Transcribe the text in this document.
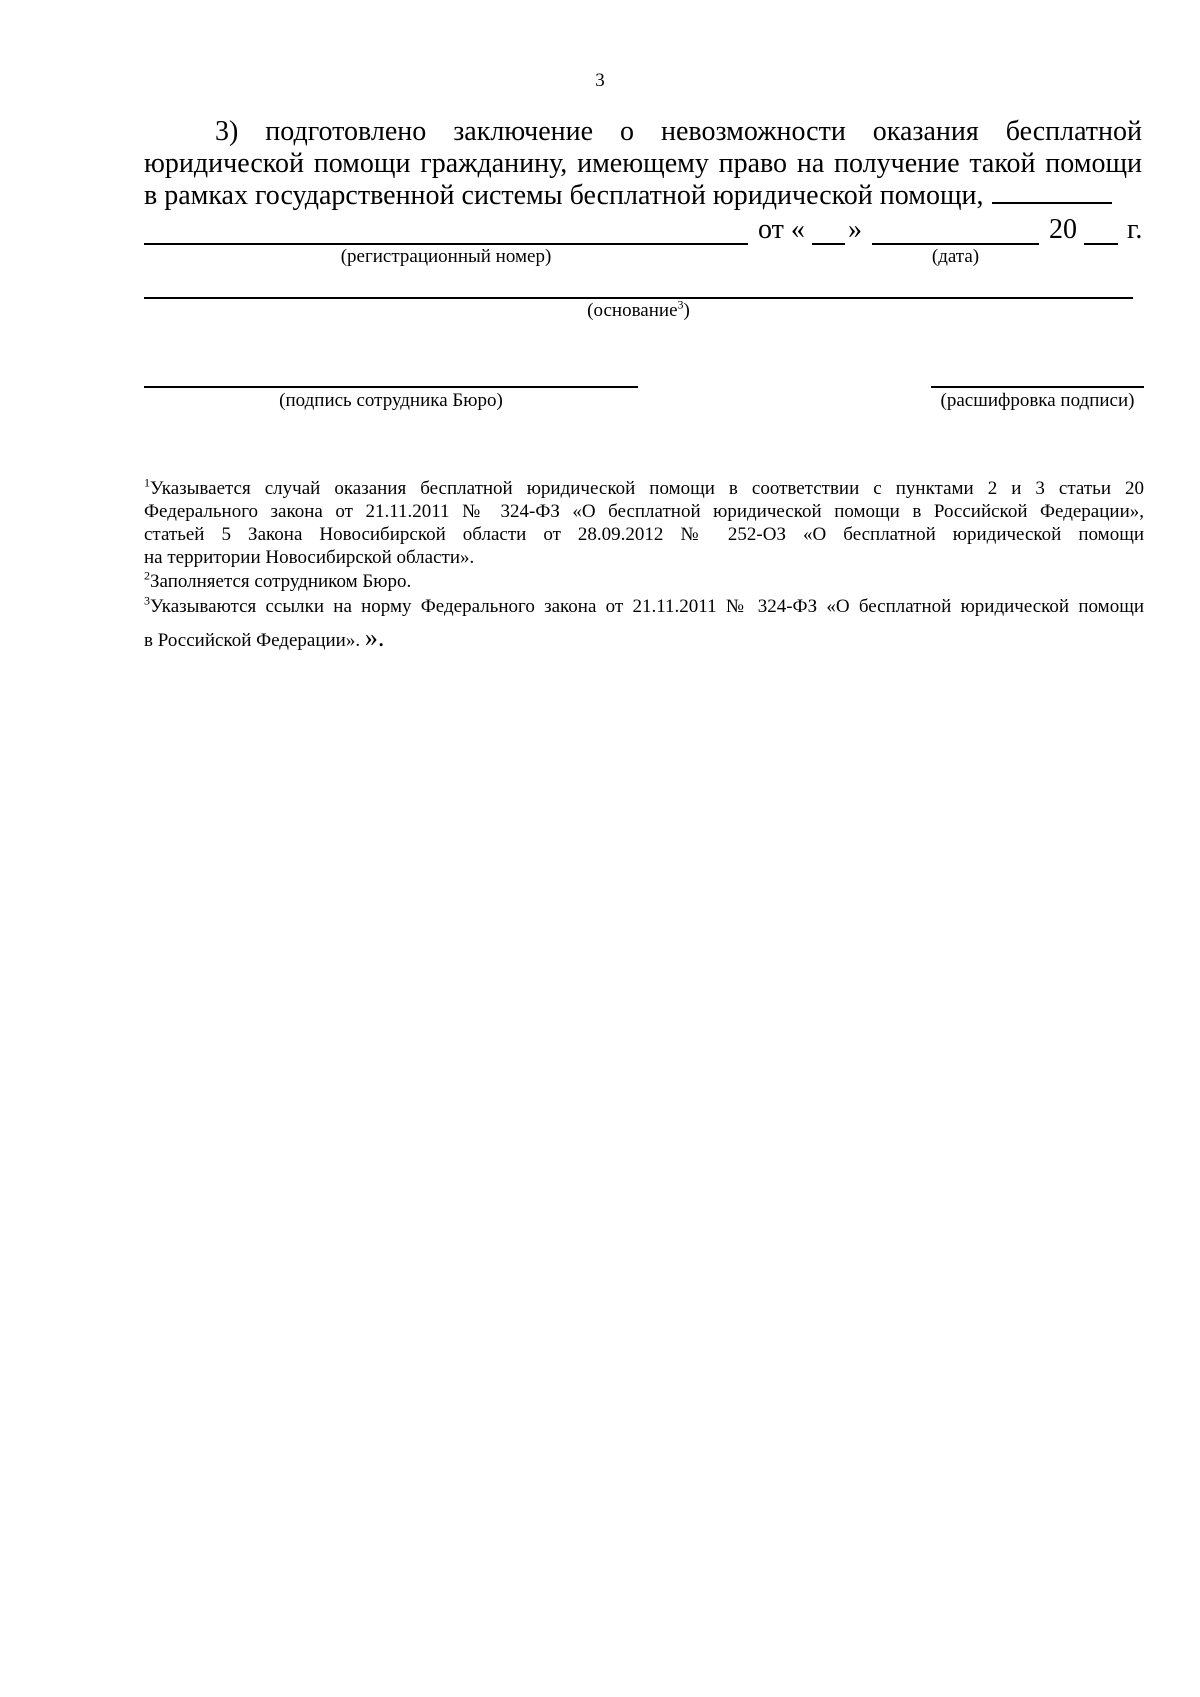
3
3) подготовлено заключение о невозможности оказания бесплатной
юридической помощи гражданину, имеющему право на получение такой помощи
в рамках государственной системы бесплатной юридической помощи,
от « »	20 г.
(регистрационный номер)	(дата)
(основание$^3$)
(подпись сотрудника Бюро)	(расшифровка подписи)
$^1$Указывается случай оказания бесплатной юридической помощи в соответствии с пунктами 2 и 3 статьи 20
Федерального закона от 21.11.2011 № 324-ФЗ «О бесплатной юридической помощи в Российской Федерации»,
статьей 5 Закона Новосибирской области от 28.09.2012 № 252-ОЗ «О бесплатной юридической помощи
на территории Новосибирской области».
$^2$Заполняется сотрудником Бюро.
$^3$Указываются ссылки на норму Федерального закона от 21.11.2011 № 324-ФЗ «О бесплатной юридической помощи
в Российской Федерации». ».
